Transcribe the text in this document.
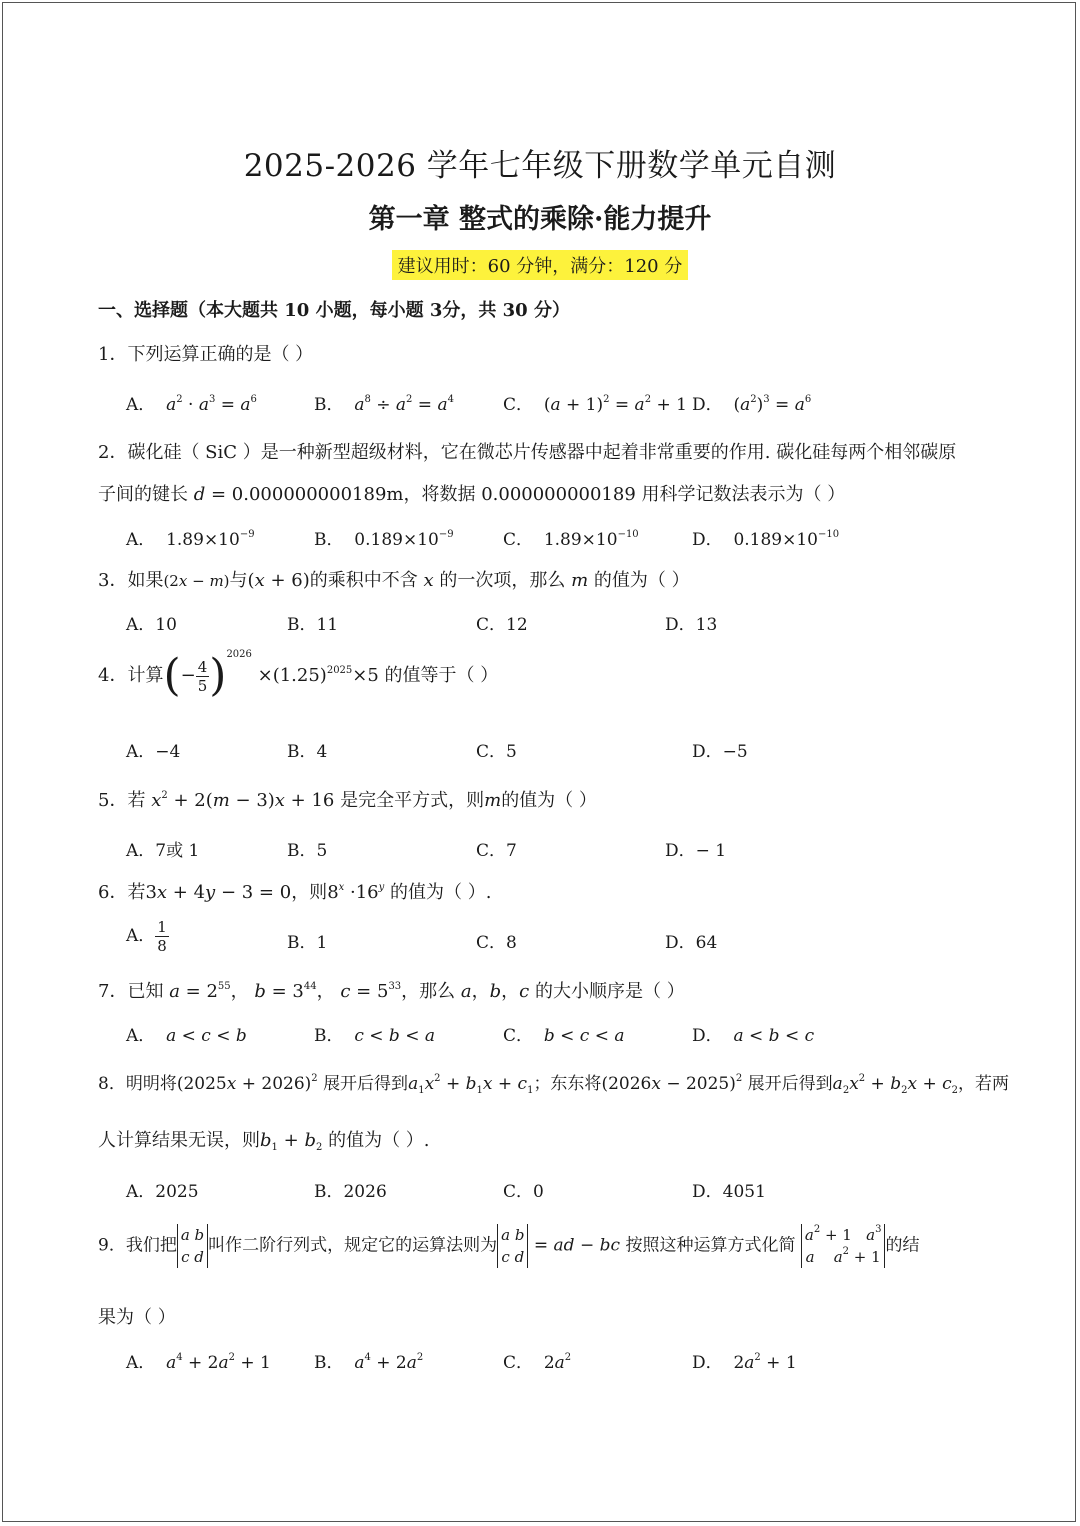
2025-2026 学年七年级下册数学单元自测
第一章 整式的乘除·能力提升
建议用时：60 分钟，满分：120 分
一、选择题（本大题共 10 小题，每小题 3分，共 30 分）
1．下列运算正确的是（ ）
A． $a^2 \cdot a^3 = a^6$	B． $a^8 \div a^2 = a^4$	C．  $(a + 1)^2 = a^2 + 1$ D．  $(a^2)^3 = a^6$
2．碳化硅（ SiC ）是一种新型超级材料，它在微芯片传感器中起着非常重要的作用. 碳化硅每两个相邻碳原
子间的键长 d = 0.000000000189m，将数据 0.000000000189 用科学记数法表示为（ ）
A．  $1.89\times 10^{-9}$	B．  $0.189\times 10^{-9}$	C．  $1.89\times 10^{-10}$	D．  $0.189\times 10^{-10}$
3．如果(2x − m)与(x + 6)的乘积中不含 x 的一次项，那么 m 的值为（ ）
A．10	B．11	C．12	D．13
4．计算(− $\frac{4}{5} )^{2026} \times(1.25)^{2025}\times 5$ 的值等于（ ）
A．−4	B．4	C．5	D．−5
5．若 $x^2 + 2(m - 3)x + 16$ 是完全平方式，则m的值为（ ）
A．7或 1	B．5	C．7	D．− 1
6．若3x + 4y − 3 = 0，则$8^x \cdot 16^y$ 的值为（ ）.
A． $\frac{1}{8}$	B．1	C．8	D．64
7．已知 $a = 2^{55}$， $b = 3^{44}$， $c = 5^{33}$，那么 a，b，c 的大小顺序是（ ）
A． a < c < b	B． c < b < a	C． b < c < a	D． a < b < c
8．明明将$(2025x + 2026)^2$ 展开后得到$a_1x^2 + b_1x + c_1$；东东将$(2026x - 2025)^2$ 展开后得到$a_2x^2 + b_2x + c_2$，若两
人计算结果无误，则$b_1 + b_2$ 的值为（ ）.
A．2025	B．2026	C．0	D．4051
9．我们把a b
c d叫作二阶行列式，规定它的运算法则为a b
c d = ad − bc 按照这种运算方式化简 $a^2 + 1$   $a^3$
a $a^2 + 1$的结
果为（ ）
A． $a^4 + 2a^2 + 1$	B． $a^4 + 2a^2$	C．  $2a^2$	D．  $2a^2 + 1$
